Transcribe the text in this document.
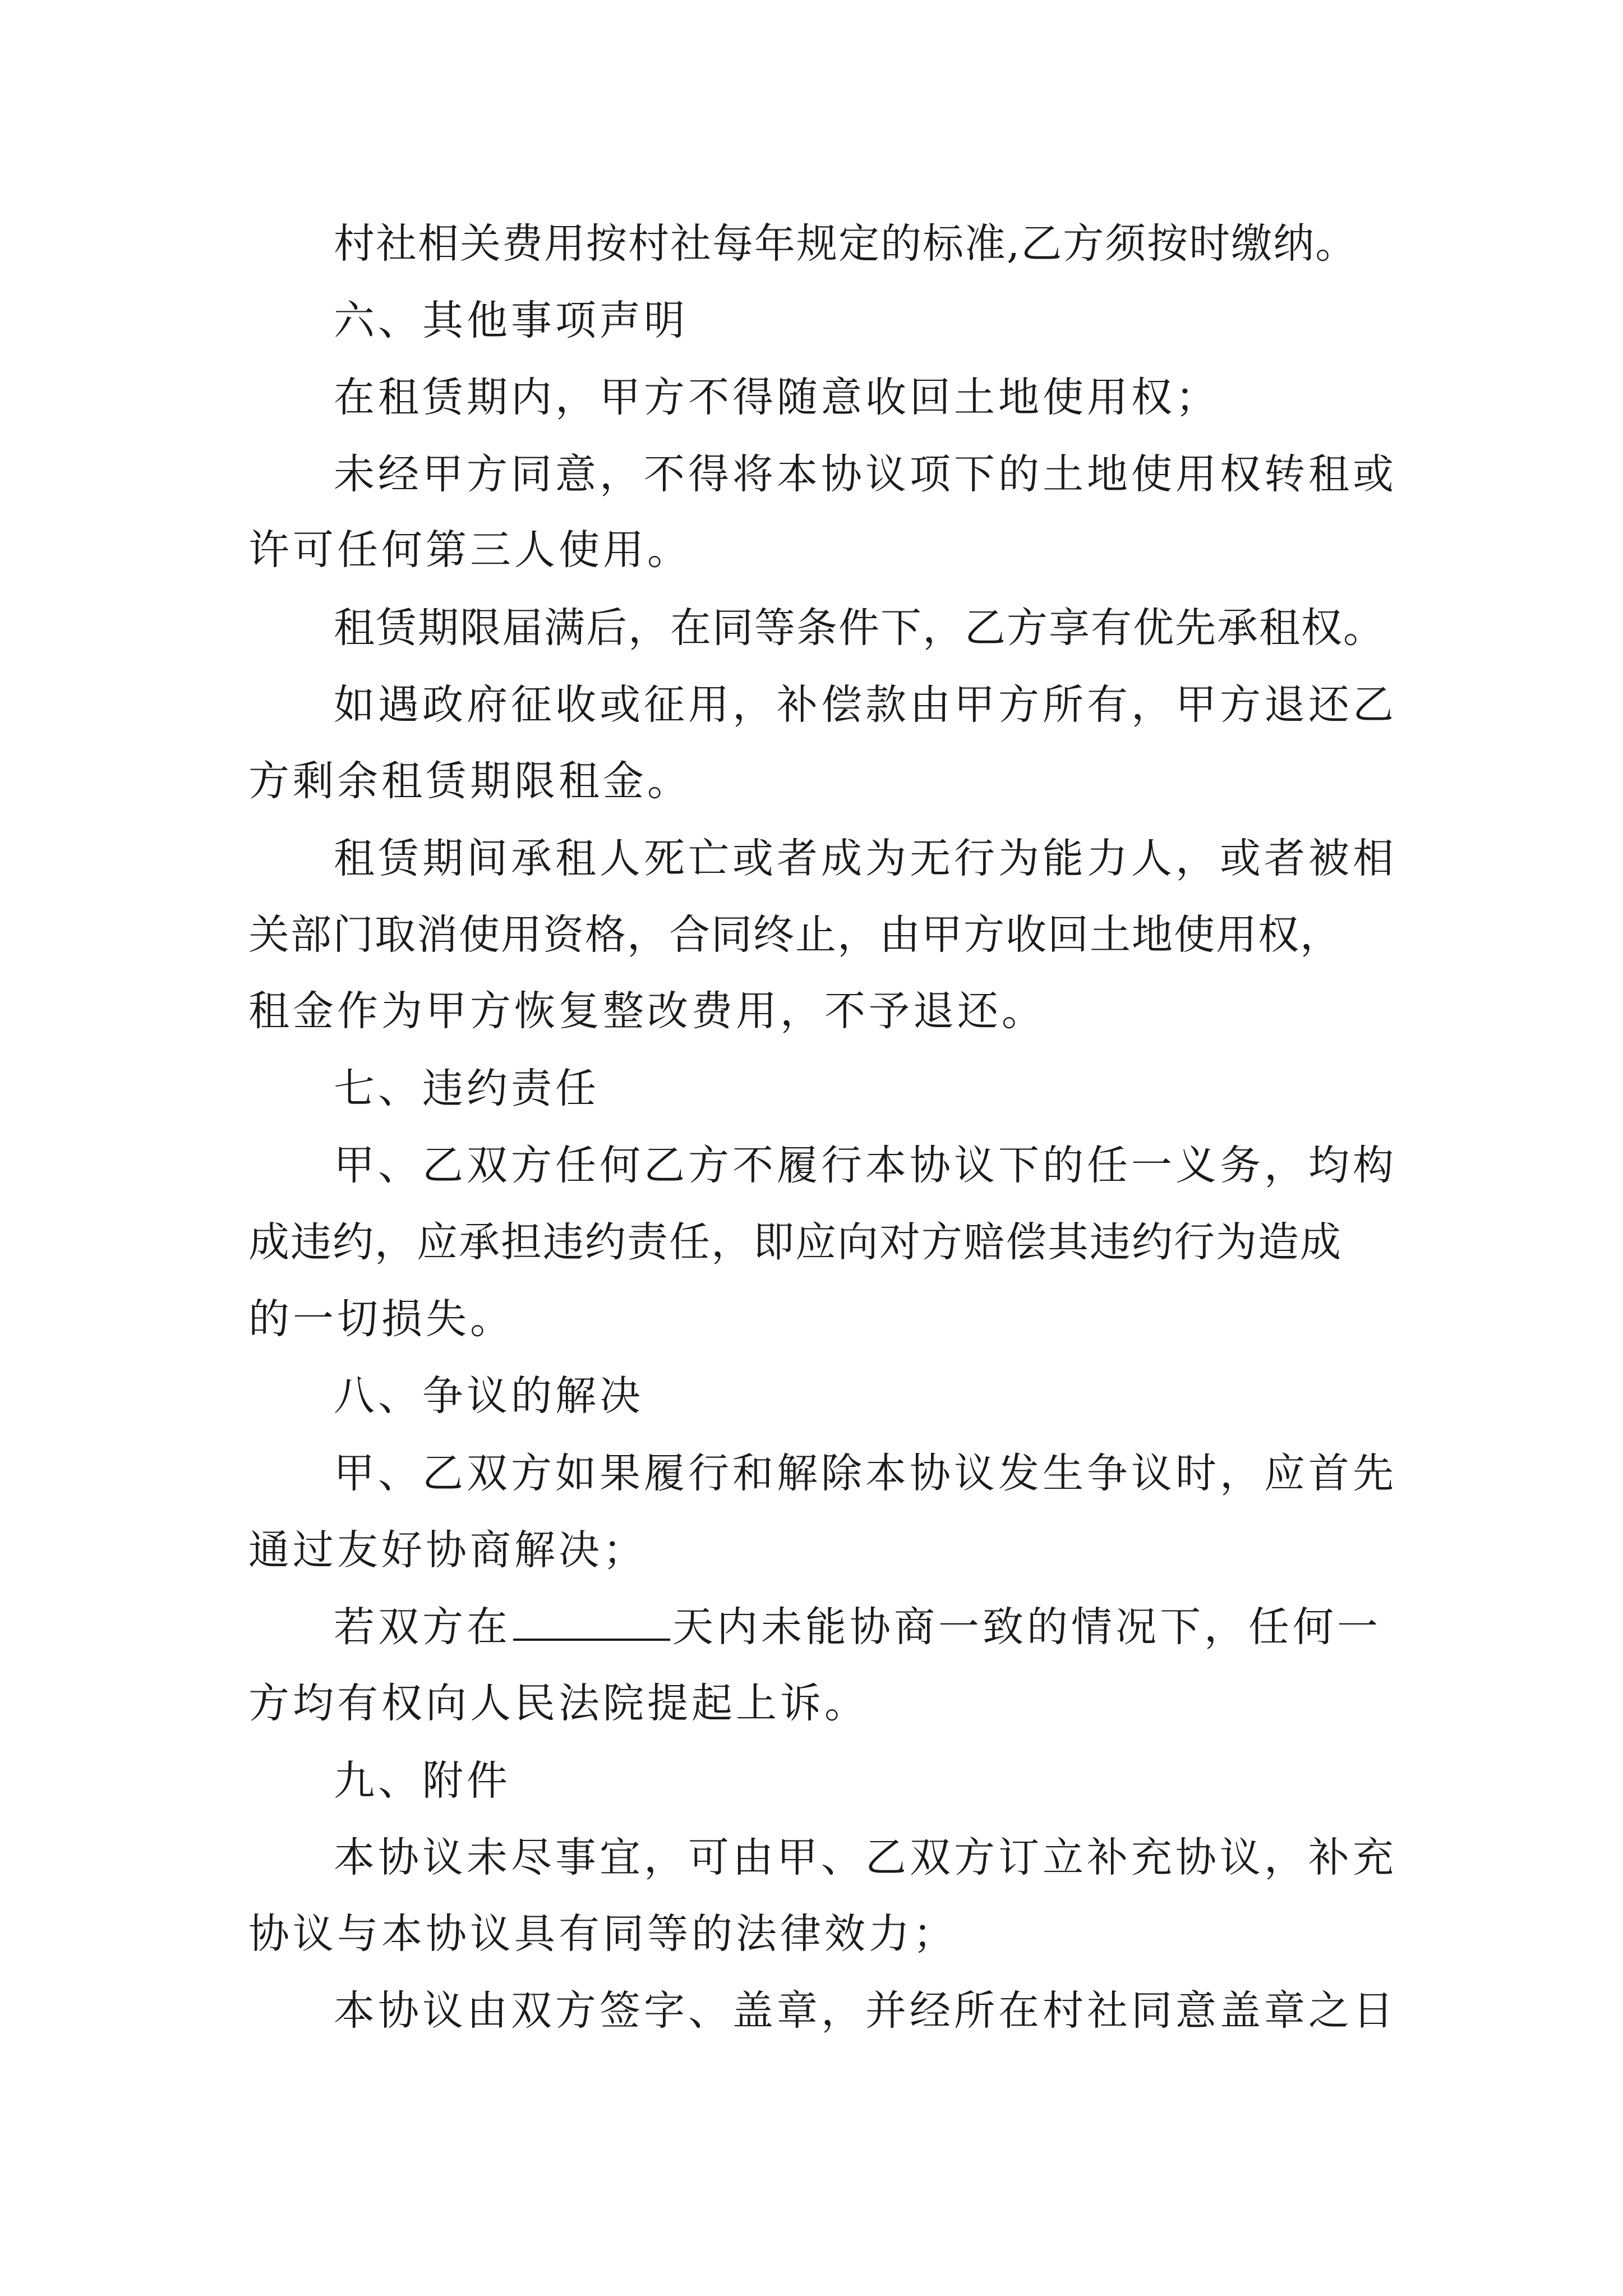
村社相关费用按村社每年规定的标准,乙方须按时缴纳。
六、其他事项声明
在租赁期内，甲方不得随意收回土地使用权；
未经甲方同意，不得将本协议项下的土地使用权转租或
许可任何第三人使用。
租赁期限届满后，在同等条件下，乙方享有优先承租权。
如遇政府征收或征用，补偿款由甲方所有，甲方退还乙
方剩余租赁期限租金。
租赁期间承租人死亡或者成为无行为能力人，或者被相
关部门取消使用资格，合同终止，由甲方收回土地使用权，
租金作为甲方恢复整改费用，不予退还。
七、违约责任
甲、乙双方任何乙方不履行本协议下的任一义务，均构
成违约，应承担违约责任，即应向对方赔偿其违约行为造成
的一切损失。
八、争议的解决
甲、乙双方如果履行和解除本协议发生争议时，应首先
通过友好协商解决；
若双方在	天内未能协商一致的情况下，任何一
方均有权向人民法院提起上诉。
九、附件
本协议未尽事宜，可由甲、乙双方订立补充协议，补充
协议与本协议具有同等的法律效力；
本协议由双方签字、盖章，并经所在村社同意盖章之日
